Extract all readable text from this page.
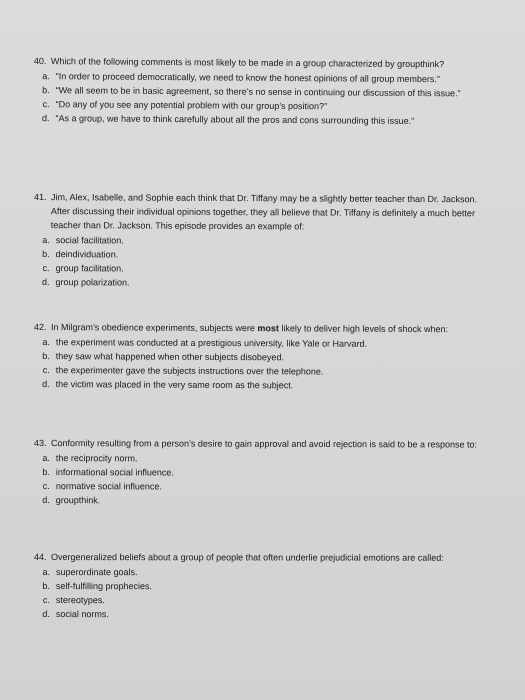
40. Which of the following comments is most likely to be made in a group characterized by groupthink?
a. “In order to proceed democratically, we need to know the honest opinions of all group members.”
b. “We all seem to be in basic agreement, so there’s no sense in continuing our discussion of this issue.”
c. “Do any of you see any potential problem with our group’s position?”
d. “As a group, we have to think carefully about all the pros and cons surrounding this issue.”
41. Jim, Alex, Isabelle, and Sophie each think that Dr. Tiffany may be a slightly better teacher than Dr. Jackson. After discussing their individual opinions together, they all believe that Dr. Tiffany is definitely a much better teacher than Dr. Jackson. This episode provides an example of:
a. social facilitation.
b. deindividuation.
c. group facilitation.
d. group polarization.
42. In Milgram’s obedience experiments, subjects were most likely to deliver high levels of shock when:
a. the experiment was conducted at a prestigious university, like Yale or Harvard.
b. they saw what happened when other subjects disobeyed.
c. the experimenter gave the subjects instructions over the telephone.
d. the victim was placed in the very same room as the subject.
43. Conformity resulting from a person’s desire to gain approval and avoid rejection is said to be a response to:
a. the reciprocity norm.
b. informational social influence.
c. normative social influence.
d. groupthink.
44. Overgeneralized beliefs about a group of people that often underlie prejudicial emotions are called:
a. superordinate goals.
b. self-fulfilling prophecies.
c. stereotypes.
d. social norms.
